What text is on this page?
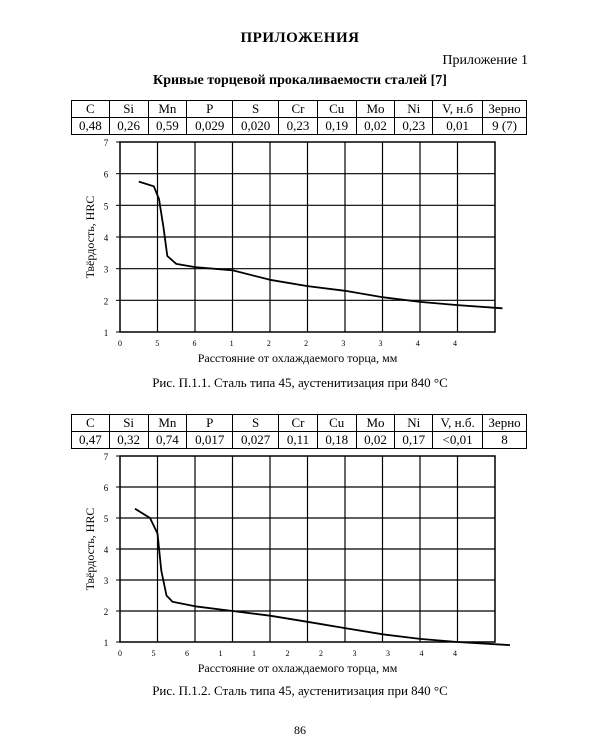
ПРИЛОЖЕНИЯ
Приложение 1
Кривые торцевой прокаливаемости сталей [7]
C	Si	Mn	P	S	Cr	Cu	Mo	Ni	V, н.б	Зерно
0,48	0,26	0,59	0,029	0,020	0,23	0,19	0,02	0,23	0,01	9 (7)
1
2
3
4
5
6
7
0	5	6	1	2	2	3	3	4	4
Расстояние от охлаждаемого торца, мм
Твёрдость, HRC
Рис. П.1.1. Сталь типа 45, аустенитизация при 840 °С
C	Si	Mn	P	S	Cr	Cu	Mo	Ni	V, н.б.	Зерно
0,47	0,32	0,74	0,017	0,027	0,11	0,18	0,02	0,17	<0,01	8
1
2
3
4
5
6
7
0	5	6	1	1	2	2	3	3	4	4
Расстояние от охлаждаемого торца, мм
Твёрдость, HRC
Рис. П.1.2. Сталь типа 45, аустенитизация при 840 °С
86
